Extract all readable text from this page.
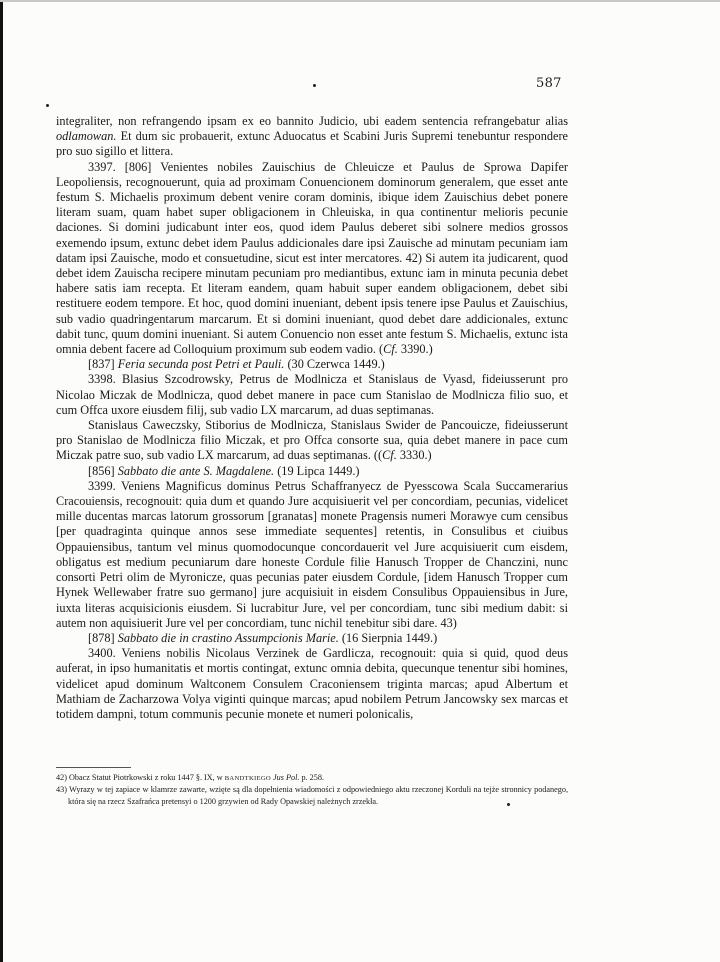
587

integraliter, non refrangendo ipsam ex eo bannito Judicio, ubi eadem sentencia refrangebatur alias odlamowan. Et dum sic probauerit, extunc Aduocatus et Scabini Juris Supremi tenebuntur respondere pro suo sigillo et littera.

3397. [806] Venientes nobiles Zauischius de Chleuicze et Paulus de Sprowa Dapifer Leopoliensis, recognouerunt, quia ad proximam Conuencionem dominorum generalem, que esset ante festum S. Michaelis proximum debent venire coram dominis, ibique idem Zauischius debet ponere literam suam, quam habet super obligacionem in Chleuiska, in qua continentur melioris pecunie daciones. Si domini judicabunt inter eos, quod idem Paulus deberet sibi solnere medios grossos exemendo ipsum, extunc debet idem Paulus addicionales dare ipsi Zauische ad minutam pecuniam iam datam ipsi Zauische, modo et consuetudine, sicut est inter mercatores. 42) Si autem ita judicarent, quod debet idem Zauischa recipere minutam pecuniam pro mediantibus, extunc iam in minuta pecunia debet habere satis iam recepta. Et literam eandem, quam habuit super eandem obligacionem, debet sibi restituere eodem tempore. Et hoc, quod domini inueniant, debent ipsis tenere ipse Paulus et Zauischius, sub vadio quadringentarum marcarum. Et si domini inueniant, quod debet dare addicionales, extunc dabit tunc, quum domini inueniant. Si autem Conuencio non esset ante festum S. Michaelis, extunc ista omnia debent facere ad Colloquium proximum sub eodem vadio. (Cf. 3390.)

[837] Feria secunda post Petri et Pauli. (30 Czerwca 1449.)

3398. Blasius Szcodrowsky, Petrus de Modlnicza et Stanislaus de Vyasd, fideiusserunt pro Nicolao Miczak de Modlnicza, quod debet manere in pace cum Stanislao de Modlnicza filio suo, et cum Offca uxore eiusdem filij, sub vadio LX marcarum, ad duas septimanas.

Stanislaus Caweczsky, Stiborius de Modlnicza, Stanislaus Swider de Pancouicze, fideiusserunt pro Stanislao de Modlnicza filio Miczak, et pro Offca consorte sua, quia debet manere in pace cum Miczak patre suo, sub vadio LX marcarum, ad duas septimanas. ((Cf. 3330.)

[856] Sabbato die ante S. Magdalene. (19 Lipca 1449.)

3399. Veniens Magnificus dominus Petrus Schaffranyecz de Pyesscowa Scala Succamerarius Cracouiensis, recognouit: quia dum et quando Jure acquisiuerit vel per concordiam, pecunias, videlicet mille ducentas marcas latorum grossorum [granatas] monete Pragensis numeri Morawye cum censibus [per quadraginta quinque annos sese immediate sequentes] retentis, in Consulibus et ciuibus Oppauiensibus, tantum vel minus quomodocunque concordauerit vel Jure acquisiuerit cum eisdem, obligatus est medium pecuniarum dare honeste Cordule filie Hanusch Tropper de Chanczini, nunc consorti Petri olim de Myronicze, quas pecunias pater eiusdem Cordule, [idem Hanusch Tropper cum Hynek Wellewaber fratre suo germano] jure acquisiuit in eisdem Consulibus Oppauiensibus in Jure, iuxta literas acquisicionis eiusdem. Si lucrabitur Jure, vel per concordiam, tunc sibi medium dabit: si autem non aquisiuerit Jure vel per concordiam, tunc nichil tenebitur sibi dare. 43)

[878] Sabbato die in crastino Assumpcionis Marie. (16 Sierpnia 1449.)

3400. Veniens nobilis Nicolaus Verzinek de Gardlicza, recognouit: quia si quid, quod deus auferat, in ipso humanitatis et mortis contingat, extunc omnia debita, quecunque tenentur sibi homines, videlicet apud dominum Waltconem Consulem Craconiensem triginta marcas; apud Albertum et Mathiam de Zacharzowa Volya viginti quinque marcas; apud nobilem Petrum Jancowsky sex marcas et totidem dampni, totum communis pecunie monete et numeri polonicalis,

42) Obacz Statut Piotrkowski z roku 1447 §. IX, w BANDTKIEGO Jus Pol. p. 258.

43) Wyrazy w tej zapiace w klamrze zawarte, wzięte są dla dopełnienia wiadomości z odpowiedniego aktu rzeczonej Korduli na tejże stronnicy podanego, która się na rzecz Szafrańca pretensyi o 1200 grzywien od Rady Opawskiej należnych zrzekła.
